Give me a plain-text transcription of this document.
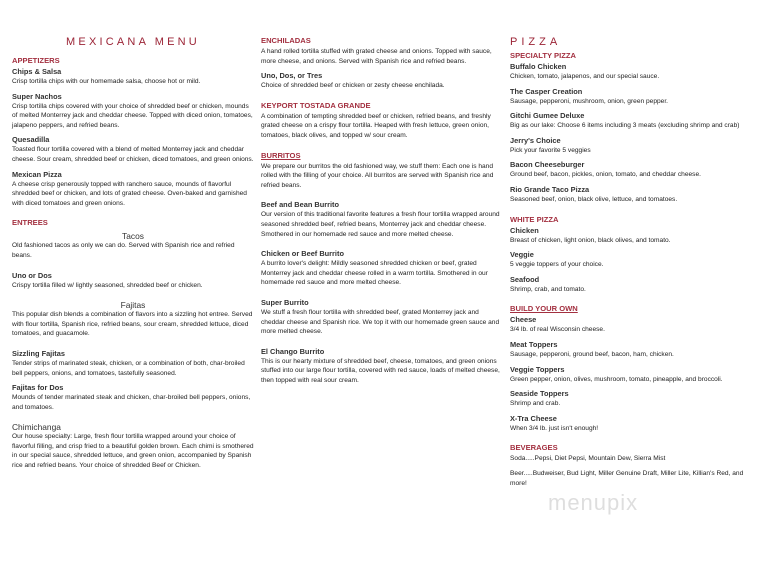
MEXICANA MENU
APPETIZERS
Chips & Salsa
Crisp tortilla chips with our homemade salsa, choose hot or mild.
Super Nachos
Crisp tortilla chips covered with your choice of shredded beef or chicken, mounds of melted Monterrey jack and cheddar cheese. Topped with diced onion, tomatoes, jalapeno peppers, and refried beans.
Quesadilla
Toasted flour tortilla covered with a blend of melted Monterrey jack and cheddar cheese. Sour cream, shredded beef or chicken, diced tomatoes, and green onions.
Mexican Pizza
A cheese crisp generously topped with ranchero sauce, mounds of flavorful shredded beef or chicken, and lots of grated cheese. Oven-baked and garnished with diced tomatoes and green onions.
ENTREES
Tacos
Old fashioned tacos as only we can do. Served with Spanish rice and refried beans.
Uno or Dos
Crispy tortilla filled w/ lightly seasoned, shredded beef or chicken.
Fajitas
This popular dish blends a combination of flavors into a sizzling hot entree. Served with flour tortilla, Spanish rice, refried beans, sour cream, shredded lettuce, diced tomatoes, and guacamole.
Sizzling Fajitas
Tender strips of marinated steak, chicken, or a combination of both, char-broiled bell peppers, onions, and tomatoes, tastefully seasoned.
Fajitas for Dos
Mounds of tender marinated steak and chicken, char-broiled bell peppers, onions, and tomatoes.
Chimichanga
Our house specialty: Large, fresh flour tortilla wrapped around your choice of flavorful filling, and crisp fried to a beautiful golden brown. Each chimi is smothered in our special sauce, shredded lettuce, and green onion, accompanied by Spanish rice and refried beans. Your choice of shredded Beef or Chicken.
ENCHILADAS
A hand rolled tortilla stuffed with grated cheese and onions. Topped with sauce, more cheese, and onions. Served with Spanish rice and refried beans.
Uno, Dos, or Tres
Choice of shredded beef or chicken or zesty cheese enchilada.
KEYPORT TOSTADA GRANDE
A combination of tempting shredded beef or chicken, refried beans, and freshly grated cheese on a crispy flour tortilla. Heaped with fresh lettuce, green onion, tomatoes, black olives, and topped w/ sour cream.
BURRITOS
We prepare our burritos the old fashioned way, we stuff them: Each one is hand rolled with the filling of your choice. All burritos are served with Spanish rice and refried beans.
Beef and Bean Burrito
Our version of this traditional favorite features a fresh flour tortilla wrapped around seasoned shredded beef, refried beans, Monterrey jack and cheddar cheese. Smothered in our homemade red sauce and more melted cheese.
Chicken or Beef Burrito
A burrito lover's delight: Mildly seasoned shredded chicken or beef, grated Monterrey jack and cheddar cheese rolled in a warm tortilla. Smothered in our homemade red sauce and more melted cheese.
Super Burrito
We stuff a fresh flour tortilla with shredded beef, grated Monterrey jack and cheddar cheese and Spanish rice. We top it with our homemade green sauce and more melted cheese.
El Chango Burrito
This is our hearty mixture of shredded beef, cheese, tomatoes, and green onions stuffed into our large flour tortilla, covered with red sauce, loads of melted cheese, then topped with real sour cream.
PIZZA
SPECIALTY PIZZA
Buffalo Chicken
Chicken, tomato, jalapenos, and our special sauce.
The Casper Creation
Sausage, pepperoni, mushroom, onion, green pepper.
Gitchi Gumee Deluxe
Big as our lake: Choose 6 items including 3 meats (excluding shrimp and crab)
Jerry's Choice
Pick your favorite 5 veggies
Bacon Cheeseburger
Ground beef, bacon, pickles, onion, tomato, and cheddar cheese.
Rio Grande Taco Pizza
Seasoned beef, onion, black olive, lettuce, and tomatoes.
WHITE PIZZA
Chicken
Breast of chicken, light onion, black olives, and tomato.
Veggie
5 veggie toppers of your choice.
Seafood
Shrimp, crab, and tomato.
BUILD YOUR OWN
Cheese
3/4 lb. of real Wisconsin cheese.
Meat Toppers
Sausage, pepperoni, ground beef, bacon, ham, chicken.
Veggie Toppers
Green pepper, onion, olives, mushroom, tomato, pineapple, and broccoli.
Seaside Toppers
Shrimp and crab.
X-Tra Cheese
When 3/4 lb. just isn't enough!
BEVERAGES
Soda.....Pepsi, Diet Pepsi, Mountain Dew, Sierra Mist
Beer.....Budweiser, Bud Light, Miller Genuine Draft, Miller Lite, Killian's Red, and more!
menupix
